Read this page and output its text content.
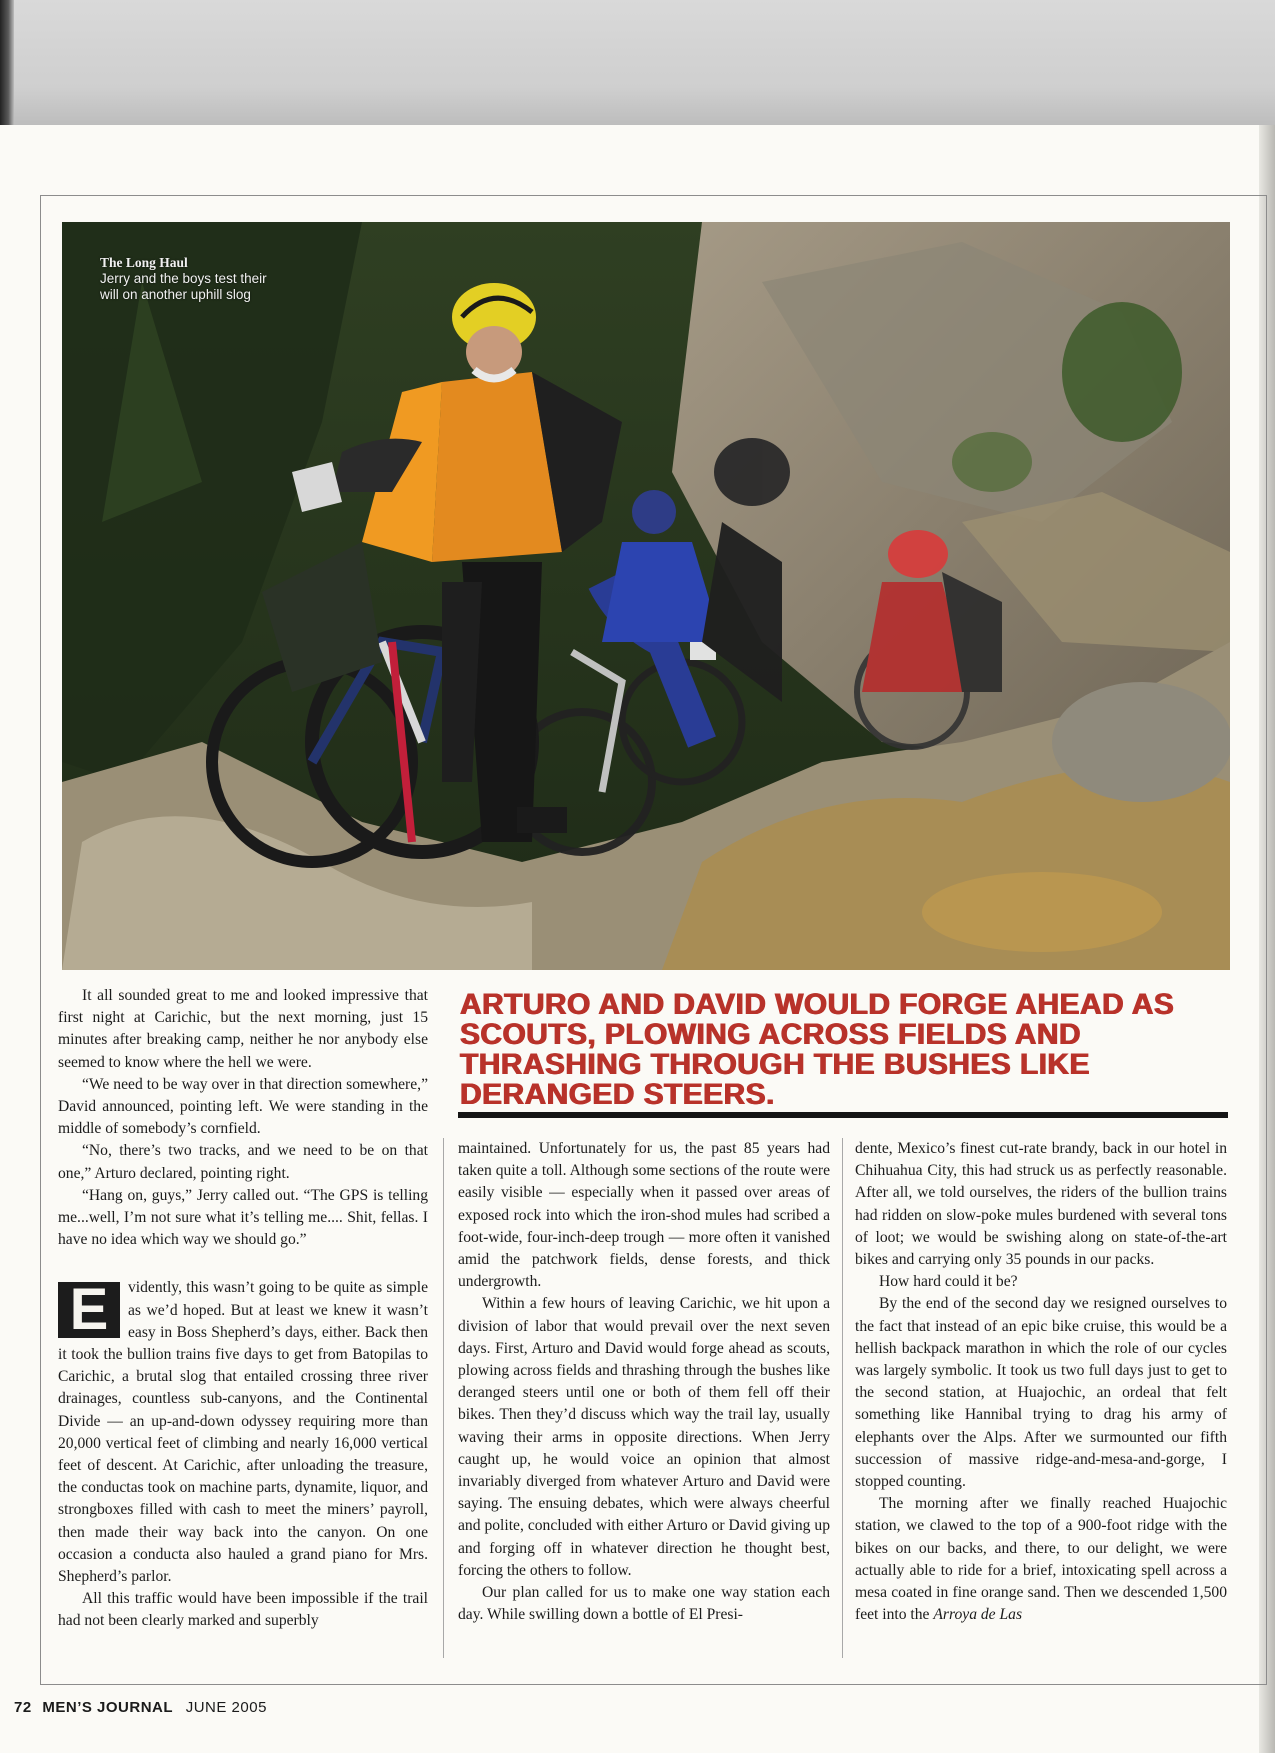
The Long Haul
Jerry and the boys test their will on another uphill slog

It all sounded great to me and looked impressive that first night at Carichic, but the next morning, just 15 minutes after breaking camp, neither he nor anybody else seemed to know where the hell we were.

“We need to be way over in that direction somewhere,” David announced, pointing left. We were standing in the middle of somebody’s cornfield.

“No, there’s two tracks, and we need to be on that one,” Arturo declared, pointing right.

“Hang on, guys,” Jerry called out. “The GPS is telling me...well, I’m not sure what it’s telling me.... Shit, fellas. I have no idea which way we should go.”

E	vidently, this wasn’t going to be quite as simple as we’d hoped. But at least we knew it wasn’t easy in Boss Shepherd’s days, either. Back then it took the bullion trains five days to get from Batopilas to Carichic, a brutal slog that entailed crossing three river drainages, countless sub-canyons, and the Continental Divide — an up-and-down odyssey requiring more than 20,000 vertical feet of climbing and nearly 16,000 vertical feet of descent. At Carichic, after unloading the treasure, the conductas took on machine parts, dynamite, liquor, and strongboxes filled with cash to meet the miners’ payroll, then made their way back into the canyon. On one occasion a conducta also hauled a grand piano for Mrs. Shepherd’s parlor.

All this traffic would have been impossible if the trail had not been clearly marked and superbly

ARTURO AND DAVID WOULD FORGE AHEAD AS SCOUTS, PLOWING ACROSS FIELDS AND THRASHING THROUGH THE BUSHES LIKE DERANGED STEERS.

maintained. Unfortunately for us, the past 85 years had taken quite a toll. Although some sections of the route were easily visible — especially when it passed over areas of exposed rock into which the iron-shod mules had scribed a foot-wide, four-inch-deep trough — more often it vanished amid the patchwork fields, dense forests, and thick undergrowth.

Within a few hours of leaving Carichic, we hit upon a division of labor that would prevail over the next seven days. First, Arturo and David would forge ahead as scouts, plowing across fields and thrashing through the bushes like deranged steers until one or both of them fell off their bikes. Then they’d discuss which way the trail lay, usually waving their arms in opposite directions. When Jerry caught up, he would voice an opinion that almost invariably diverged from whatever Arturo and David were saying. The ensuing debates, which were always cheerful and polite, concluded with either Arturo or David giving up and forging off in whatever direction he thought best, forcing the others to follow.

Our plan called for us to make one way station each day. While swilling down a bottle of El Presi-

dente, Mexico’s finest cut-rate brandy, back in our hotel in Chihuahua City, this had struck us as perfectly reasonable. After all, we told ourselves, the riders of the bullion trains had ridden on slow-poke mules burdened with several tons of loot; we would be swishing along on state-of-the-art bikes and carrying only 35 pounds in our packs.

How hard could it be?

By the end of the second day we resigned ourselves to the fact that instead of an epic bike cruise, this would be a hellish backpack marathon in which the role of our cycles was largely symbolic. It took us two full days just to get to the second station, at Huajochic, an ordeal that felt something like Hannibal trying to drag his army of elephants over the Alps. After we surmounted our fifth succession of massive ridge-and-mesa-and-gorge, I stopped counting.

The morning after we finally reached Huajochic station, we clawed to the top of a 900-foot ridge with the bikes on our backs, and there, to our delight, we were actually able to ride for a brief, intoxicating spell across a mesa coated in fine orange sand. Then we descended 1,500 feet into the Arroya de Las

72 MEN’S JOURNAL JUNE 2005
